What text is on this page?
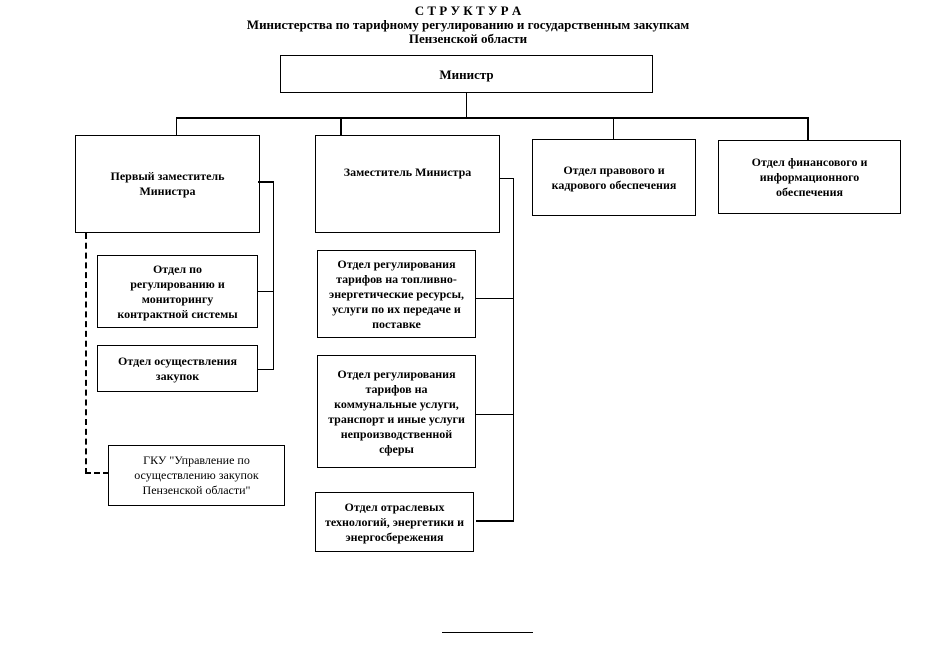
С Т Р У К Т У Р А
Министерства по тарифному регулированию и государственным закупкам
Пензенской области
Министр
Первый заместитель Министра
Заместитель Министра	Отдел правового и кадрового обеспечения
Отдел финансового и информационного обеспечения
Отдел по регулированию и мониторингу контрактной системы
Отдел осуществления закупок
ГКУ "Управление по осуществлению закупок Пензенской области"
Отдел регулирования тарифов на топливно-энергетические ресурсы, услуги по их передаче и поставке
Отдел регулирования тарифов на коммунальные услуги, транспорт и иные услуги непроизводственной сферы
Отдел отраслевых технологий, энергетики и энергосбережения
